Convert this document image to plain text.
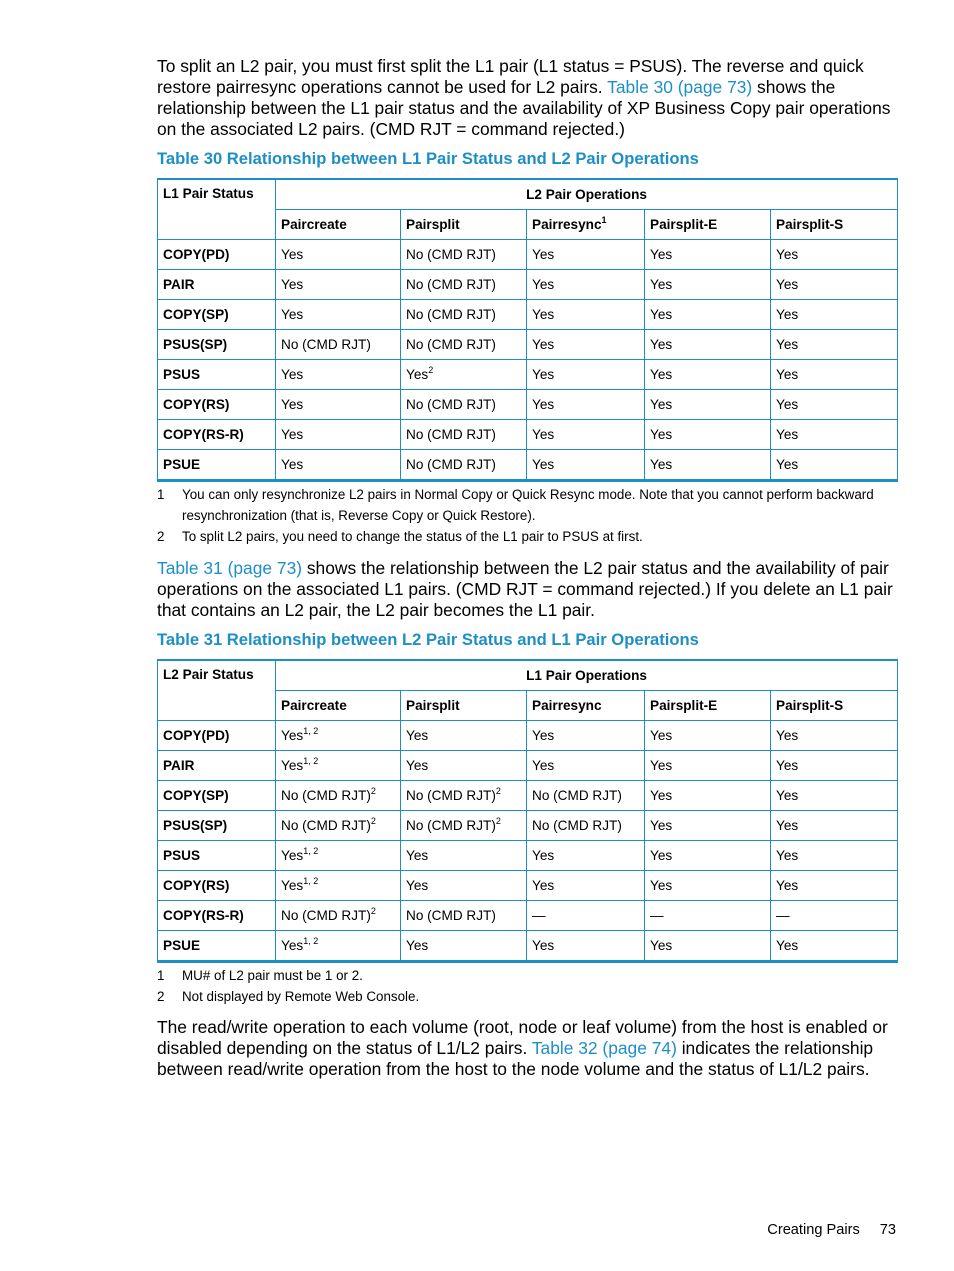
To split an L2 pair, you must first split the L1 pair (L1 status = PSUS). The reverse and quick restore pairresync operations cannot be used for L2 pairs. Table 30 (page 73) shows the relationship between the L1 pair status and the availability of XP Business Copy pair operations on the associated L2 pairs. (CMD RJT = command rejected.)

Table 30 Relationship between L1 Pair Status and L2 Pair Operations
L1 Pair Status	L2 Pair Operations				
	Paircreate	Pairsplit	Pairresync$^1$	Pairsplit-E	Pairsplit-S
COPY(PD)	Yes	No (CMD RJT)	Yes	Yes	Yes
PAIR	Yes	No (CMD RJT)	Yes	Yes	Yes
COPY(SP)	Yes	No (CMD RJT)	Yes	Yes	Yes
PSUS(SP)	No (CMD RJT)	No (CMD RJT)	Yes	Yes	Yes
PSUS	Yes	Yes$^2$	Yes	Yes	Yes
COPY(RS)	Yes	No (CMD RJT)	Yes	Yes	Yes
COPY(RS-R)	Yes	No (CMD RJT)	Yes	Yes	Yes
PSUE	Yes	No (CMD RJT)	Yes	Yes	Yes
1 You can only resynchronize L2 pairs in Normal Copy or Quick Resync mode. Note that you cannot perform backward resynchronization (that is, Reverse Copy or Quick Restore).
2 To split L2 pairs, you need to change the status of the L1 pair to PSUS at first.

Table 31 (page 73) shows the relationship between the L2 pair status and the availability of pair operations on the associated L1 pairs. (CMD RJT = command rejected.) If you delete an L1 pair that contains an L2 pair, the L2 pair becomes the L1 pair.

Table 31 Relationship between L2 Pair Status and L1 Pair Operations
L2 Pair Status	L1 Pair Operations				
	Paircreate	Pairsplit	Pairresync	Pairsplit-E	Pairsplit-S
COPY(PD)	Yes$^{1, 2}$	Yes	Yes	Yes	Yes
PAIR	Yes$^{1, 2}$	Yes	Yes	Yes	Yes
COPY(SP)	No (CMD RJT)$^2$	No (CMD RJT)$^2$	No (CMD RJT)	Yes	Yes
PSUS(SP)	No (CMD RJT)$^2$	No (CMD RJT)$^2$	No (CMD RJT)	Yes	Yes
PSUS	Yes$^{1, 2}$	Yes	Yes	Yes	Yes
COPY(RS)	Yes$^{1, 2}$	Yes	Yes	Yes	Yes
COPY(RS-R)	No (CMD RJT)$^2$	No (CMD RJT)	—	—	—
PSUE	Yes$^{1, 2}$	Yes	Yes	Yes	Yes
1 MU# of L2 pair must be 1 or 2.
2 Not displayed by Remote Web Console.

The read/write operation to each volume (root, node or leaf volume) from the host is enabled or disabled depending on the status of L1/L2 pairs. Table 32 (page 74) indicates the relationship between read/write operation from the host to the node volume and the status of L1/L2 pairs.

Creating Pairs 73
